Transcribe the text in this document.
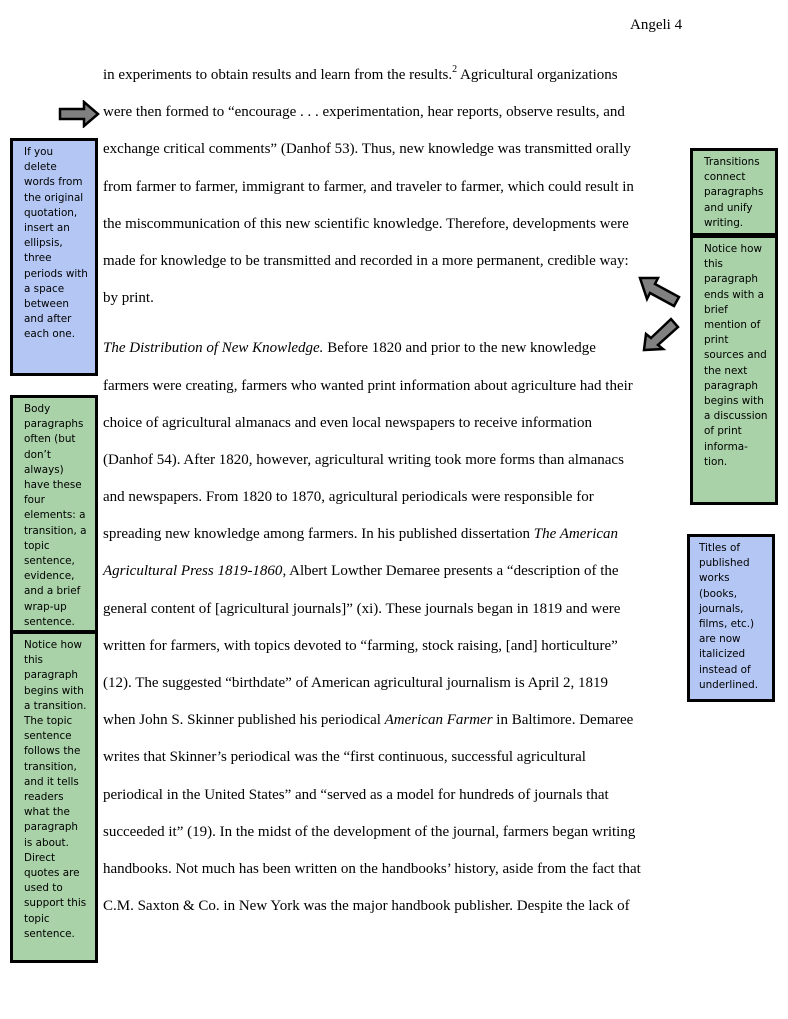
Angeli 4

in experiments to obtain results and learn from the results.$^2$ Agricultural organizations
were then formed to “encourage . . . experimentation, hear reports, observe results, and
exchange critical comments” (Danhof 53). Thus, new knowledge was transmitted orally
from farmer to farmer, immigrant to farmer, and traveler to farmer, which could result in
the miscommunication of this new scientific knowledge. Therefore, developments were
made for knowledge to be transmitted and recorded in a more permanent, credible way:
by print.

The Distribution of New Knowledge. Before 1820 and prior to the new knowledge
farmers were creating, farmers who wanted print information about agriculture had their
choice of agricultural almanacs and even local newspapers to receive information
(Danhof 54). After 1820, however, agricultural writing took more forms than almanacs
and newspapers. From 1820 to 1870, agricultural periodicals were responsible for
spreading new knowledge among farmers. In his published dissertation The American
Agricultural Press 1819-1860, Albert Lowther Demaree presents a “description of the
general content of [agricultural journals]” (xi). These journals began in 1819 and were
written for farmers, with topics devoted to “farming, stock raising, [and] horticulture”
(12). The suggested “birthdate” of American agricultural journalism is April 2, 1819
when John S. Skinner published his periodical American Farmer in Baltimore. Demaree
writes that Skinner’s periodical was the “first continuous, successful agricultural
periodical in the United States” and “served as a model for hundreds of journals that
succeeded it” (19). In the midst of the development of the journal, farmers began writing
handbooks. Not much has been written on the handbooks’ history, aside from the fact that
C.M. Saxton & Co. in New York was the major handbook publisher. Despite the lack of

If you delete words from the original quotation, insert an ellipsis, three periods with a space between and after each one.
Body paragraphs often (but don’t always) have these four elements: a transition, a topic sentence, evidence, and a brief wrap-up sentence.
Notice how this paragraph begins with a transition. The topic sentence follows the transition, and it tells readers what the paragraph is about. Direct quotes are used to support this topic sentence.
Transitions connect paragraphs and unify writing.
Notice how this paragraph ends with a brief mention of print sources and the next paragraph begins with a discussion of print informa-tion.
Titles of published works (books, journals, films, etc.) are now italicized instead of underlined.
